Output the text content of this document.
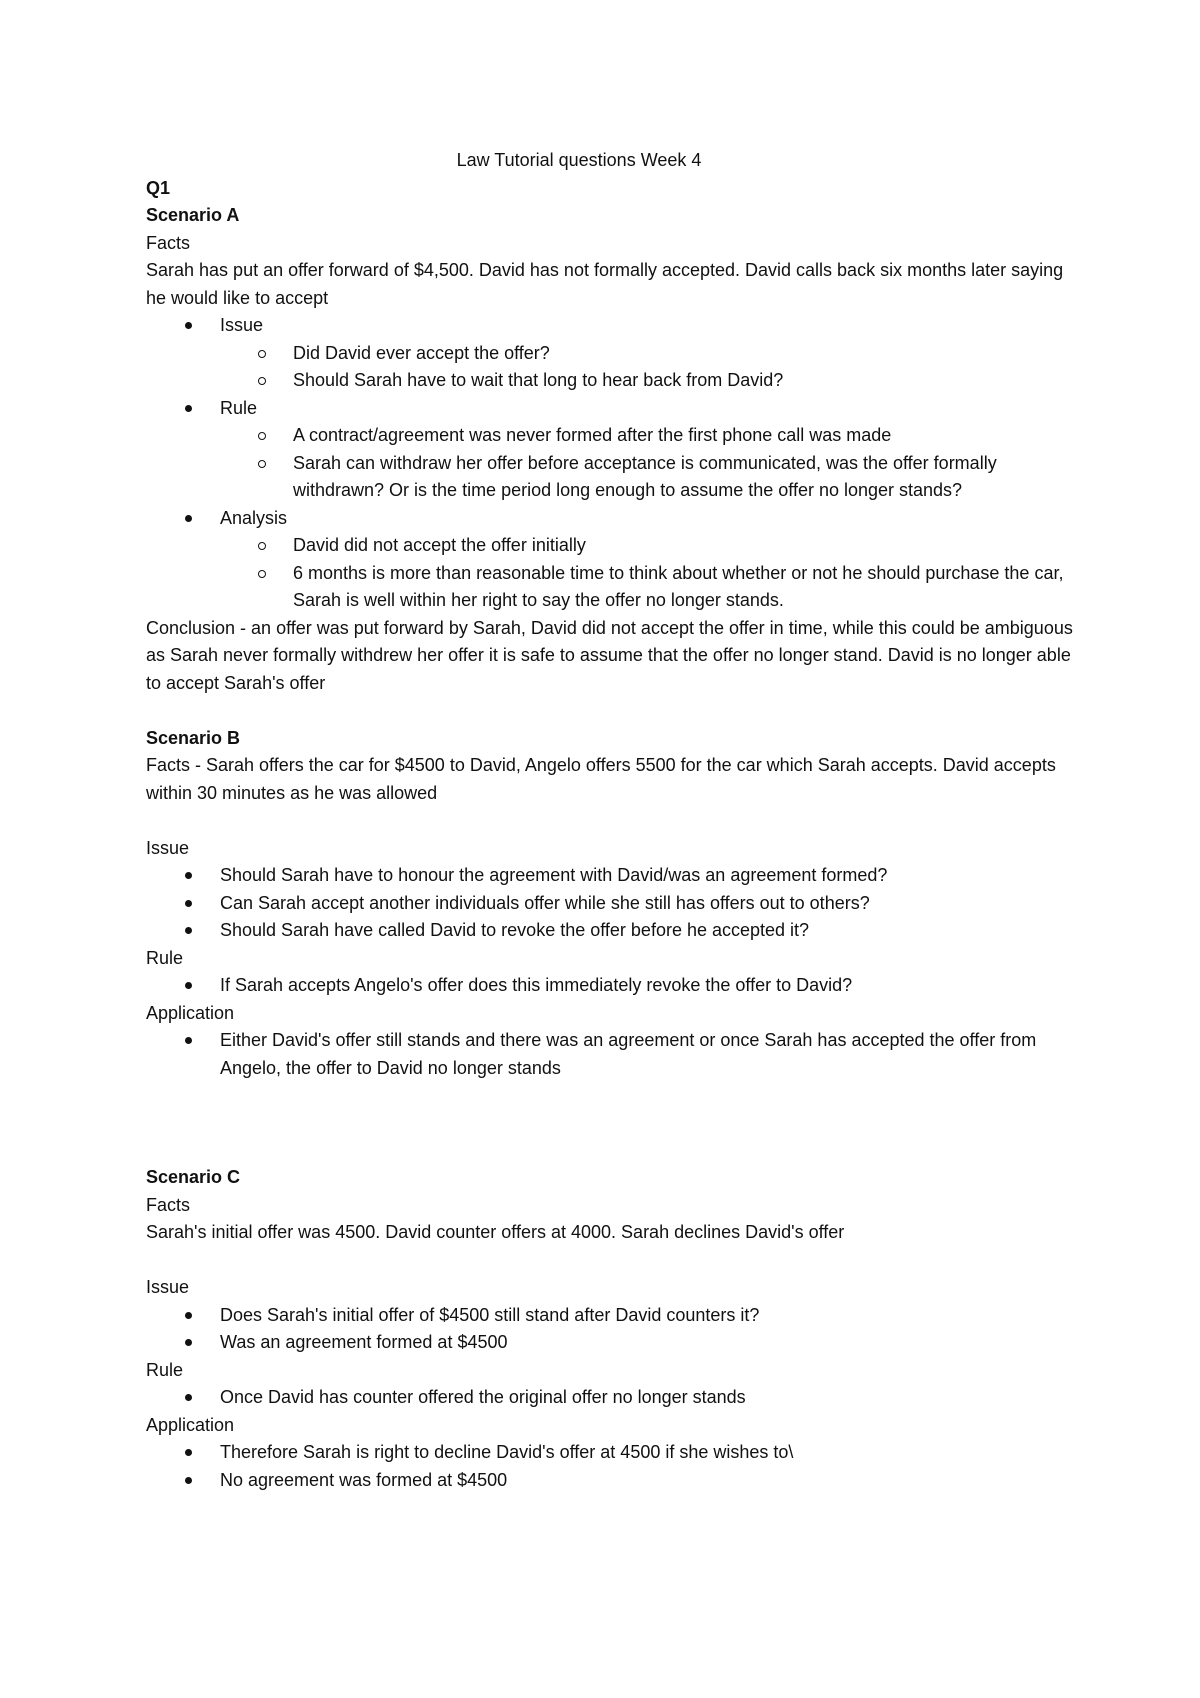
Law Tutorial questions Week 4
Q1
Scenario A
Facts
Sarah has put an offer forward of $4,500. David has not formally accepted. David calls back six months later saying he would like to accept
Issue
Did David ever accept the offer?
Should Sarah have to wait that long to hear back from David?
Rule
A contract/agreement was never formed after the first phone call was made
Sarah can withdraw her offer before acceptance is communicated, was the offer formally withdrawn? Or is the time period long enough to assume the offer no longer stands?
Analysis
David did not accept the offer initially
6 months is more than reasonable time to think about whether or not he should purchase the car, Sarah is well within her right to say the offer no longer stands.
Conclusion - an offer was put forward by Sarah, David did not accept the offer in time, while this could be ambiguous as Sarah never formally withdrew her offer it is safe to assume that the offer no longer stand. David is no longer able to accept Sarah's offer
Scenario B
Facts - Sarah offers the car for $4500 to David, Angelo offers 5500 for the car which Sarah accepts. David accepts within 30 minutes as he was allowed
Issue
Should Sarah have to honour the agreement with David/was an agreement formed?
Can Sarah accept another individuals offer while she still has offers out to others?
Should Sarah have called David to revoke the offer before he accepted it?
Rule
If Sarah accepts Angelo's offer does this immediately revoke the offer to David?
Application
Either David's offer still stands and there was an agreement or once Sarah has accepted the offer from Angelo, the offer to David no longer stands
Scenario C
Facts
Sarah's initial offer was 4500. David counter offers at 4000. Sarah declines David's offer
Issue
Does Sarah's initial offer of $4500 still stand after David counters it?
Was an agreement formed at $4500
Rule
Once David has counter offered the original offer no longer stands
Application
Therefore Sarah is right to decline David's offer at 4500 if she wishes to\
No agreement was formed at $4500
